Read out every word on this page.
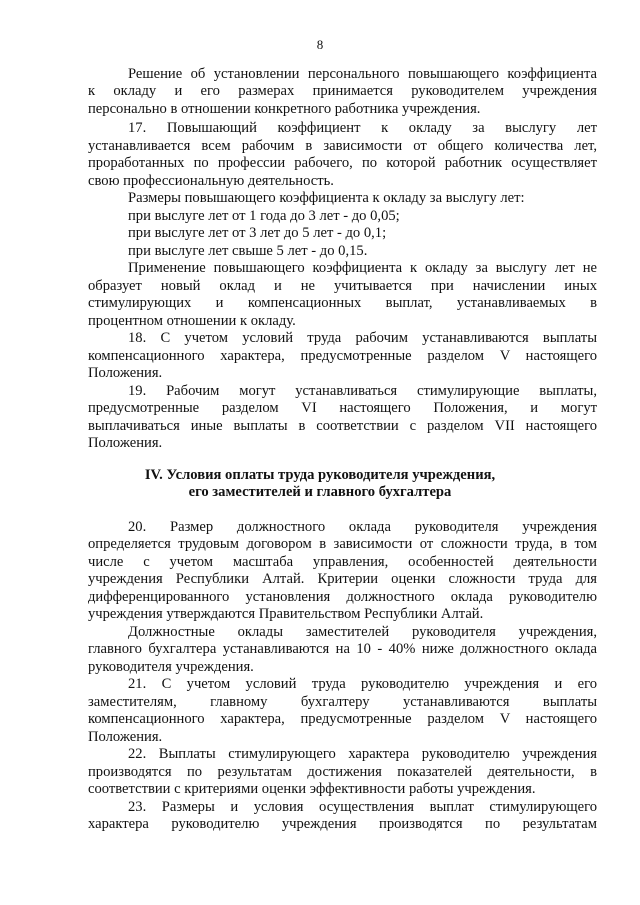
8
Решение об установлении персонального повышающего коэффициента
к окладу и его размерах принимается руководителем учреждения
персонально в отношении конкретного работника учреждения.
17. Повышающий коэффициент к окладу за выслугу лет
устанавливается всем рабочим в зависимости от общего количества лет,
проработанных по профессии рабочего, по которой работник осуществляет
свою профессиональную деятельность.
Размеры повышающего коэффициента к окладу за выслугу лет:
при выслуге лет от 1 года до 3 лет - до 0,05;
при выслуге лет от 3 лет до 5 лет - до 0,1;
при выслуге лет свыше 5 лет - до 0,15.
Применение повышающего коэффициента к окладу за выслугу лет не
образует новый оклад и не учитывается при начислении иных
стимулирующих и компенсационных выплат, устанавливаемых в
процентном отношении к окладу.
18. С учетом условий труда рабочим устанавливаются выплаты
компенсационного характера, предусмотренные разделом V настоящего
Положения.
19. Рабочим могут устанавливаться стимулирующие выплаты,
предусмотренные разделом VI настоящего Положения, и могут
выплачиваться иные выплаты в соответствии с разделом VII настоящего
Положения.
IV. Условия оплаты труда руководителя учреждения,
его заместителей и главного бухгалтера
20. Размер должностного оклада руководителя учреждения
определяется трудовым договором в зависимости от сложности труда, в том
числе с учетом масштаба управления, особенностей деятельности
учреждения Республики Алтай. Критерии оценки сложности труда для
дифференцированного установления должностного оклада руководителю
учреждения утверждаются Правительством Республики Алтай.
Должностные оклады заместителей руководителя учреждения,
главного бухгалтера устанавливаются на 10 - 40% ниже должностного оклада
руководителя учреждения.
21. С учетом условий труда руководителю учреждения и его
заместителям, главному бухгалтеру устанавливаются выплаты
компенсационного характера, предусмотренные разделом V настоящего
Положения.
22. Выплаты стимулирующего характера руководителю учреждения
производятся по результатам достижения показателей деятельности, в
соответствии с критериями оценки эффективности работы учреждения.
23. Размеры и условия осуществления выплат стимулирующего
характера руководителю учреждения производятся по результатам
